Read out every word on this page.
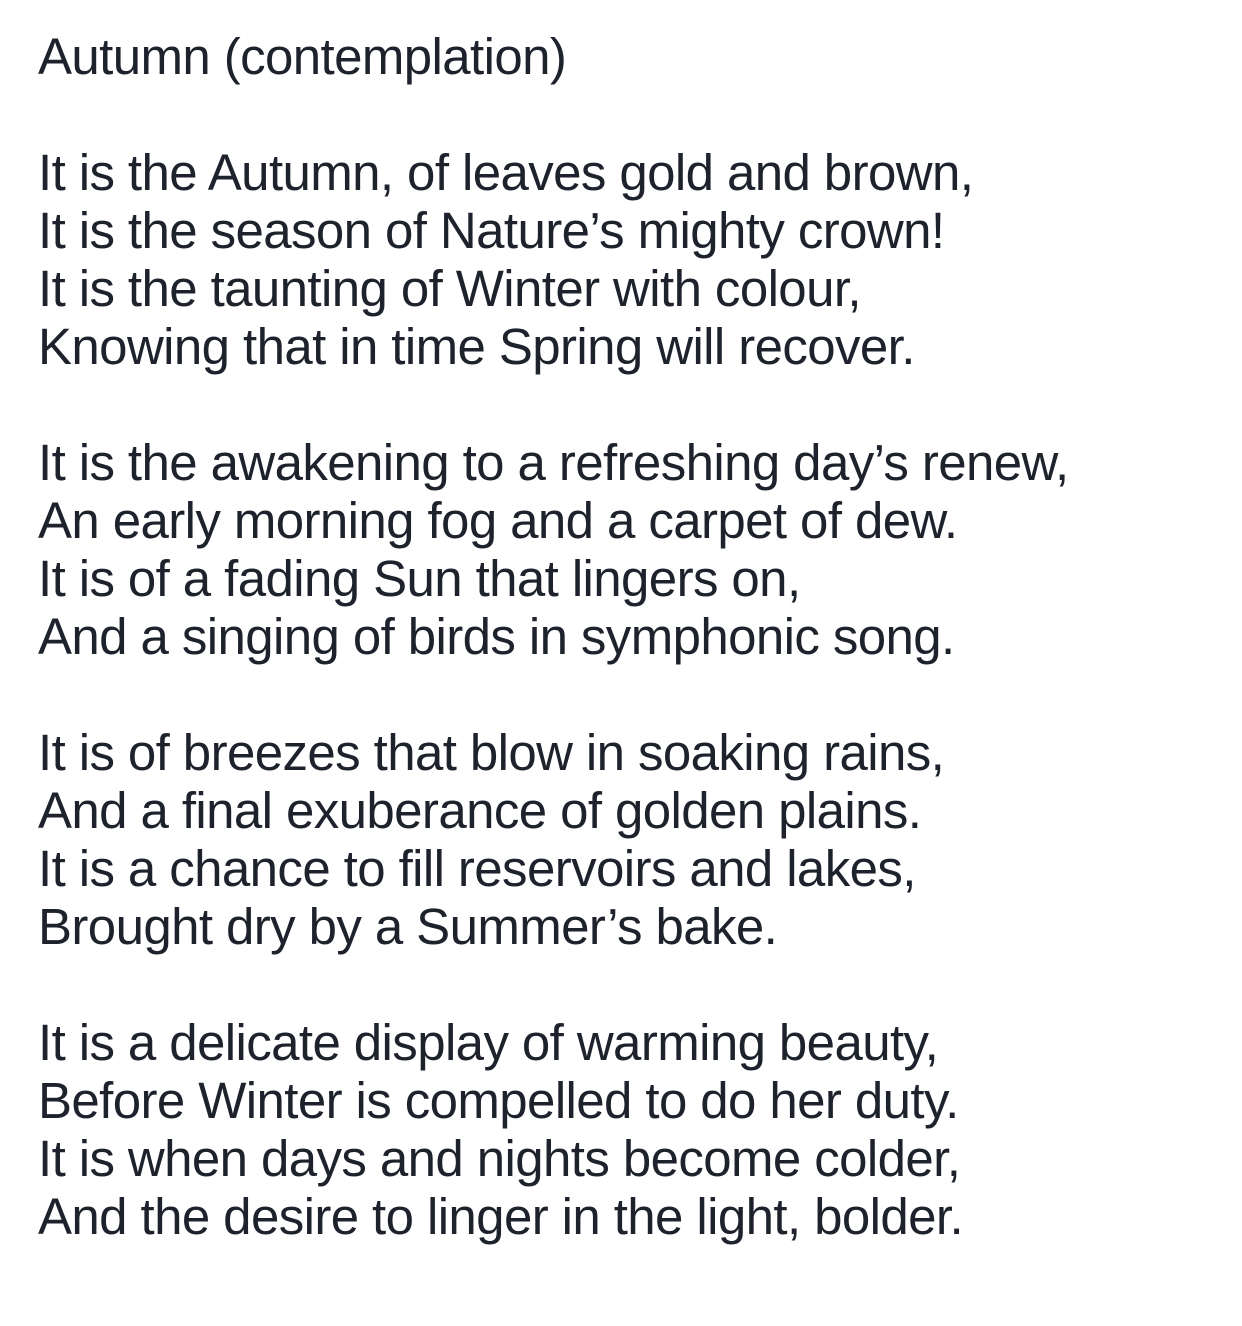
Autumn (contemplation)
It is the Autumn, of leaves gold and brown,
It is the season of Nature’s mighty crown!
It is the taunting of Winter with colour,
Knowing that in time Spring will recover.
It is the awakening to a refreshing day’s renew,
An early morning fog and a carpet of dew.
It is of a fading Sun that lingers on,
And a singing of birds in symphonic song.
It is of breezes that blow in soaking rains,
And a final exuberance of golden plains.
It is a chance to fill reservoirs and lakes,
Brought dry by a Summer’s bake.
It is a delicate display of warming beauty,
Before Winter is compelled to do her duty.
It is when days and nights become colder,
And the desire to linger in the light, bolder.
